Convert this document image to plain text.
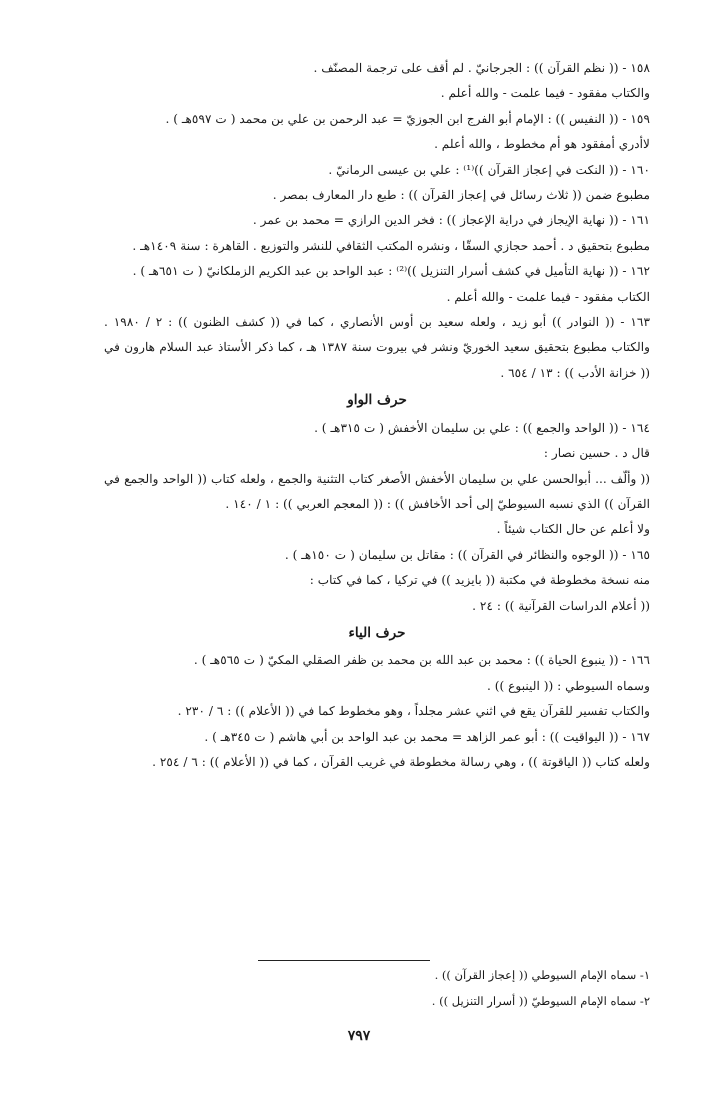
١٥٨ - (( نظم القرآن )) : الجرجانيّ . لم أقف على ترجمة المصنّف .
والكتاب مفقود - فيما علمت - والله أعلم .
١٥٩ - (( النفيس )) : الإمام أبو الفرج ابن الجوزيّ = عبد الرحمن بن علي بن محمد ( ت ٥٩٧هـ ) .
لاأدري أمفقود هو أم مخطوط ، والله أعلم .
١٦٠ - (( النكت في إعجاز القرآن ))⁽¹⁾ : علي بن عيسى الرمانيّ .
مطبوع ضمن (( ثلاث رسائل في إعجاز القرآن )) : طبع دار المعارف بمصر .
١٦١ - (( نهاية الإيجاز في دراية الإعجاز )) : فخر الدين الرازي = محمد بن عمر .
مطبوع بتحقيق د . أحمد حجازي السقّا ، ونشره المكتب الثقافي للنشر والتوزيع . القاهرة : سنة ١٤٠٩هـ .
١٦٢ - (( نهاية التأميل في كشف أسرار التنزيل ))⁽²⁾ : عبد الواحد بن عبد الكريم الزملكانيّ ( ت ٦٥١هـ ) .
الكتاب مفقود - فيما علمت - والله أعلم .
١٦٣ - (( النوادر )) أبو زيد ، ولعله سعيد بن أوس الأنصاري ، كما في (( كشف الظنون )) : ٢ / ١٩٨٠ .
والكتاب مطبوع بتحقيق سعيد الخوريّ ونشر في بيروت سنة ١٣٨٧ هـ ، كما ذكر الأستاذ عبد السلام هارون في
(( خزانة الأدب )) : ١٣ / ٦٥٤ .
حرف الواو
١٦٤ - (( الواحد والجمع )) : علي بن سليمان الأخفش ( ت ٣١٥هـ ) .
قال د . حسين نصار :
(( وألّف ... أبوالحسن علي بن سليمان الأخفش الأصغر كتاب التثنية والجمع ، ولعله كتاب (( الواحد والجمع في
القرآن )) الذي نسبه السيوطيّ إلى أحد الأخافش )) : (( المعجم العربي )) : ١ / ١٤٠ .
ولا أعلم عن حال الكتاب شيئاً .
١٦٥ - (( الوجوه والنظائر في القرآن )) : مقاتل بن سليمان ( ت ١٥٠هـ ) .
منه نسخة مخطوطة في مكتبة (( بايزيد )) في تركيا ، كما في كتاب :
(( أعلام الدراسات القرآنية )) : ٢٤ .
حرف الياء
١٦٦ - (( ينبوع الحياة )) : محمد بن عبد الله بن محمد بن ظفر الصقلي المكيّ ( ت ٥٦٥هـ ) .
وسماه السيوطي : (( الينبوع )) .
والكتاب تفسير للقرآن يقع في اثني عشر مجلداً ، وهو مخطوط كما في (( الأعلام )) : ٦ / ٢٣٠ .
١٦٧ - (( اليواقيت )) : أبو عمر الزاهد = محمد بن عبد الواحد بن أبي هاشم ( ت ٣٤٥هـ ) .
ولعله كتاب (( الياقوتة )) ، وهي رسالة مخطوطة في غريب القرآن ، كما في (( الأعلام )) : ٦ / ٢٥٤ .
١- سماه الإمام السيوطي (( إعجاز القرآن )) .
٢- سماه الإمام السيوطيّ (( أسرار التنزيل )) .
٧٩٧
